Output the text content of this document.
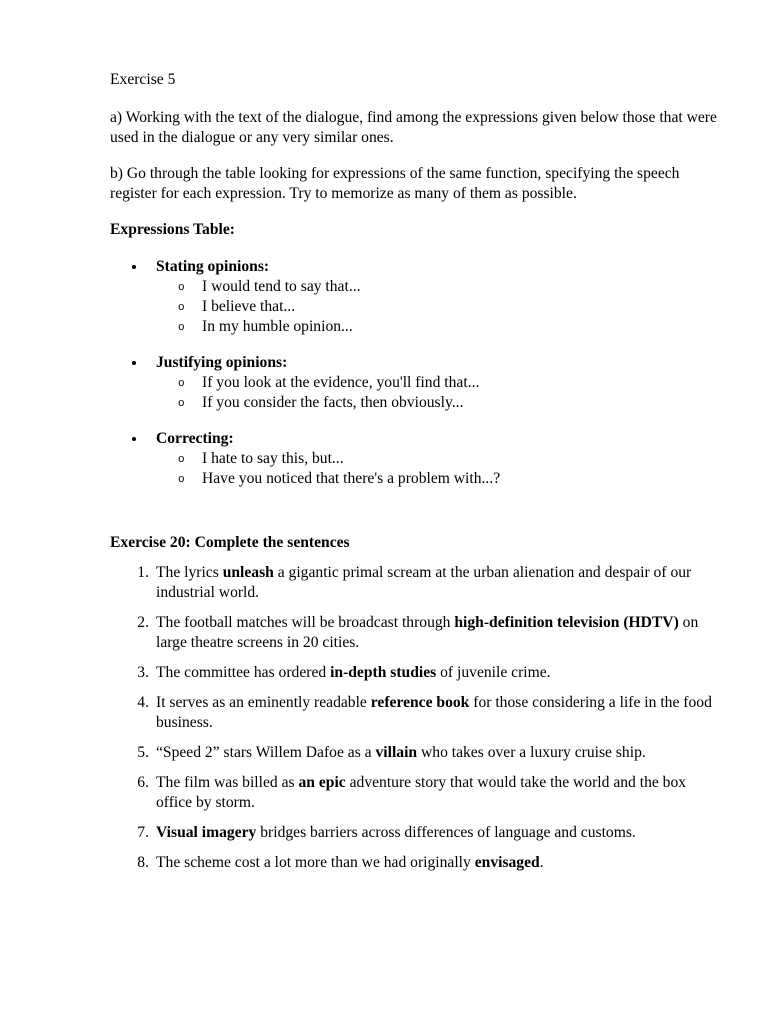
Exercise 5

a) Working with the text of the dialogue, find among the expressions given below those that were used in the dialogue or any very similar ones.

b) Go through the table looking for expressions of the same function, specifying the speech register for each expression. Try to memorize as many of them as possible.

Expressions Table:

Stating opinions:
o I would tend to say that...
o I believe that...
o In my humble opinion...
Justifying opinions:
o If you look at the evidence, you'll find that...
o If you consider the facts, then obviously...
Correcting:
o I hate to say this, but...
o Have you noticed that there's a problem with...?

Exercise 20: Complete the sentences

1. The lyrics unleash a gigantic primal scream at the urban alienation and despair of our industrial world.
2. The football matches will be broadcast through high-definition television (HDTV) on large theatre screens in 20 cities.
3. The committee has ordered in-depth studies of juvenile crime.
4. It serves as an eminently readable reference book for those considering a life in the food business.
5. “Speed 2” stars Willem Dafoe as a villain who takes over a luxury cruise ship.
6. The film was billed as an epic adventure story that would take the world and the box office by storm.
7. Visual imagery bridges barriers across differences of language and customs.
8. The scheme cost a lot more than we had originally envisaged.
